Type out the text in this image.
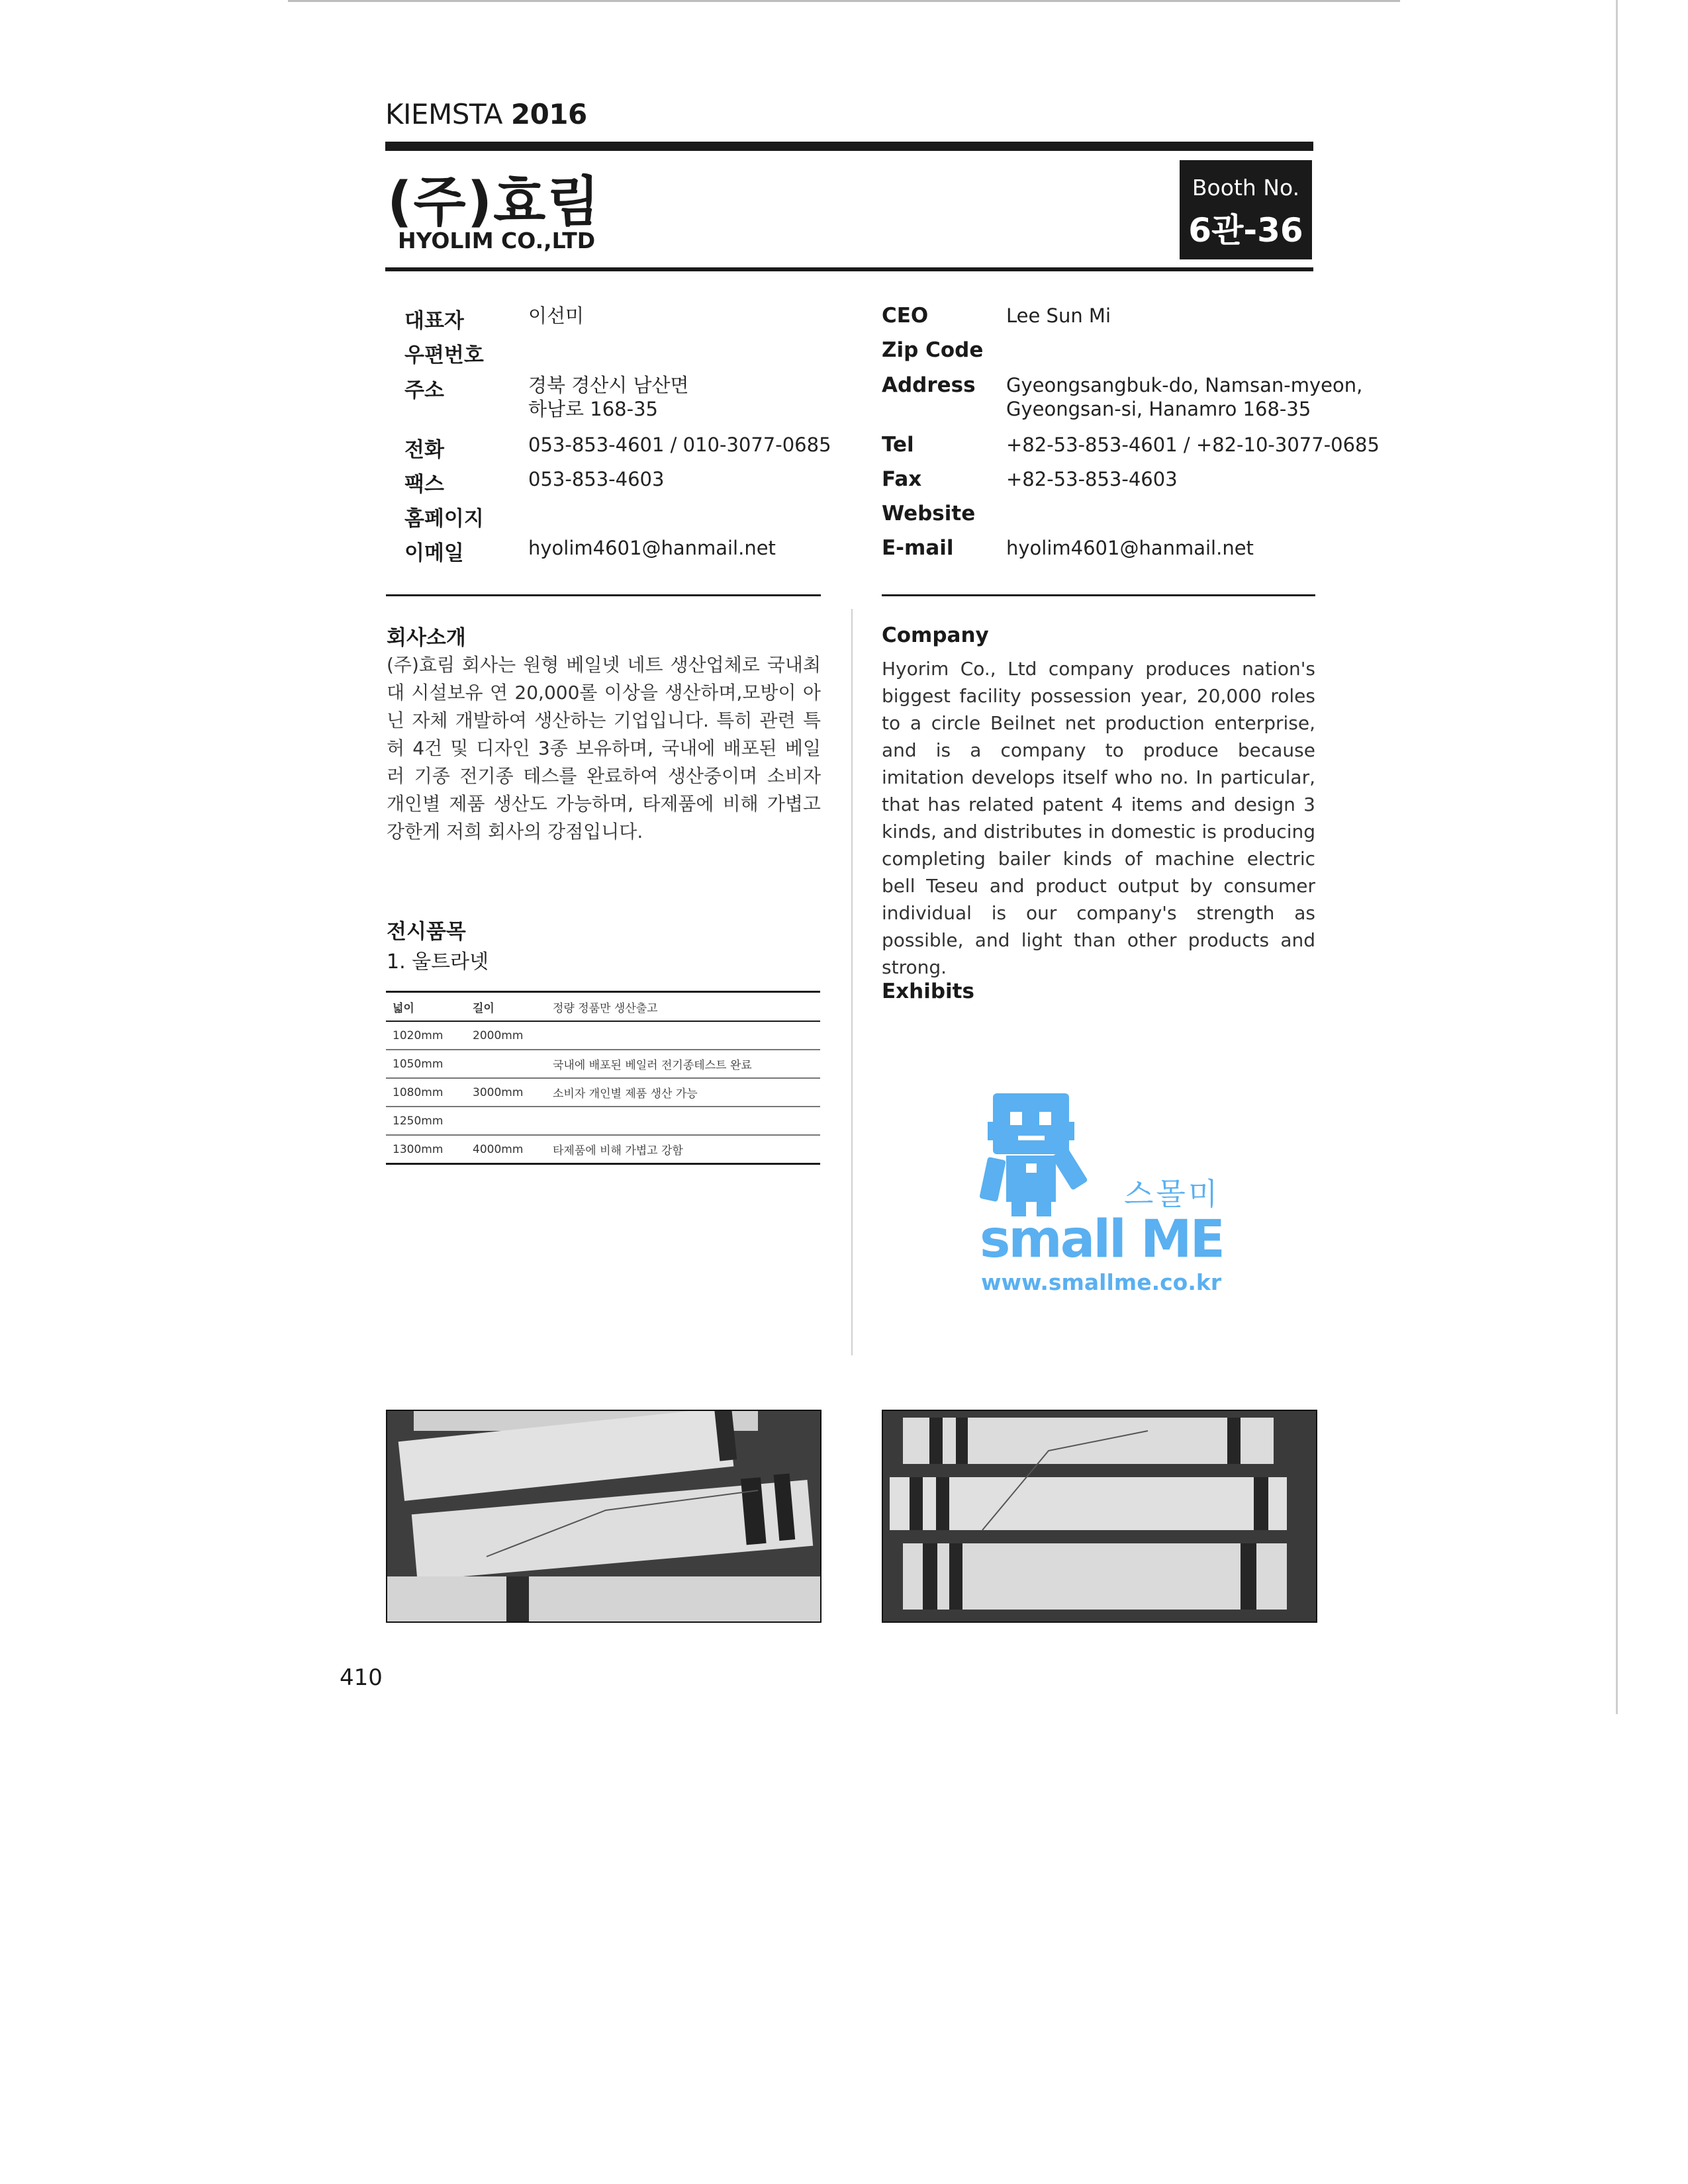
KIEMSTA 2016
(주)효림
HYOLIM CO.,LTD
Booth No.
6관-36
대표자	이선미
우편번호
주소	경북 경산시 남산면
하남로 168-35
전화	053-853-4601 / 010-3077-0685
팩스	053-853-4603
홈페이지
이메일	hyolim4601@hanmail.net
CEO	Lee Sun Mi
Zip Code
Address Gyeongsangbuk-do, Namsan-myeon,
Gyeongsan-si, Hanamro 168-35
Tel	+82-53-853-4601 / +82-10-3077-0685
Fax	+82-53-853-4603
Website
E-mail	hyolim4601@hanmail.net
회사소개
(주)효림 회사는 원형 베일넷 네트 생산업체로 국내최대 시설보유 연 20,000롤 이상을 생산하며,모방이 아닌 자체 개발하여 생산하는 기업입니다. 특히 관련 특허 4건 및 디자인 3종 보유하며, 국내에 배포된 베일러 기종 전기종 테스를 완료하여 생산중이며 소비자 개인별 제품 생산도 가능하며, 타제품에 비해 가볍고 강한게 저희 회사의 강점입니다.
Company
Hyorim Co., Ltd company produces nation's biggest facility possession year, 20,000 roles to a circle Beilnet net production enterprise, and is a company to produce because imitation develops itself who no. In particular, that has related patent 4 items and design 3 kinds, and distributes in domestic is producing completing bailer kinds of machine electric bell Teseu and product output by consumer individual is our company's strength as possible, and light than other products and strong.
전시품목
1. 울트라넷
Exhibits
넓이	길이	정량 정품만 생산출고
1020mm	2000mm	
1050mm		국내에 배포된 베일러 전기종테스트 완료
1080mm	3000mm	소비자 개인별 제품 생산 가능
1250mm		
1300mm	4000mm	타제품에 비해 가볍고 강함
스몰미
small ME
www.smallme.co.kr
410
